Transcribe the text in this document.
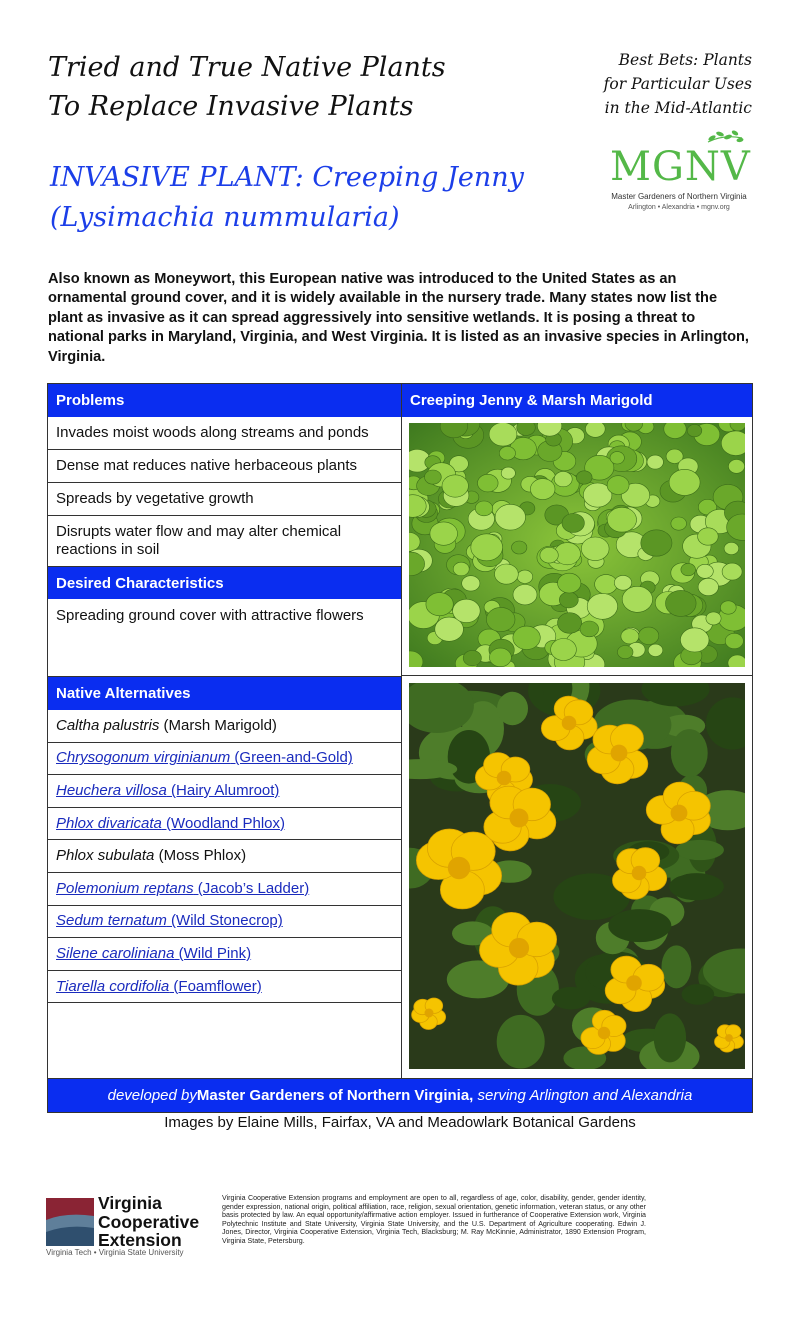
Tried and True Native Plants
To Replace Invasive Plants
Best Bets: Plants
for Particular Uses
in the Mid-Atlantic
INVASIVE PLANT: Creeping Jenny
(Lysimachia nummularia)
MGNV
Master Gardeners of Northern Virginia
Arlington • Alexandria • mgnv.org
Also known as Moneywort, this European native was introduced to the United States as an ornamental ground cover, and it is widely available in the nursery trade. Many states now list the plant as invasive as it can spread aggressively into sensitive wetlands. It is posing a threat to national parks in Maryland, Virginia, and West Virginia. It is listed as an invasive species in Arlington, Virginia.
Problems
Invades moist woods along streams and ponds
Dense mat reduces native herbaceous plants
Spreads by vegetative growth
Disrupts water flow and may alter chemical reactions in soil
Desired Characteristics
Spreading ground cover with attractive flowers
Native Alternatives
Caltha palustris (Marsh Marigold)
Chrysogonum virginianum (Green-and-Gold)
Heuchera villosa (Hairy Alumroot)
Phlox divaricata (Woodland Phlox)
Phlox subulata (Moss Phlox)
Polemonium reptans (Jacob’s Ladder)
Sedum ternatum (Wild Stonecrop)
Silene caroliniana (Wild Pink)
Tiarella cordifolia (Foamflower)
Creeping Jenny & Marsh Marigold
developed by Master Gardeners of Northern Virginia, serving Arlington and Alexandria
Images by Elaine Mills, Fairfax, VA and Meadowlark Botanical Gardens
Virginia
Cooperative
Extension
Virginia Tech • Virginia State University
Virginia Cooperative Extension programs and employment are open to all, regardless of age, color, disability, gender, gender identity, gender expression, national origin, political affiliation, race, religion, sexual orientation, genetic information, veteran status, or any other basis protected by law. An equal opportunity/affirmative action employer. Issued in furtherance of Cooperative Extension work, Virginia Polytechnic Institute and State University, Virginia State University, and the U.S. Department of Agriculture cooperating. Edwin J. Jones, Director, Virginia Cooperative Extension, Virginia Tech, Blacksburg; M. Ray McKinnie, Administrator, 1890 Extension Program, Virginia State, Petersburg.
